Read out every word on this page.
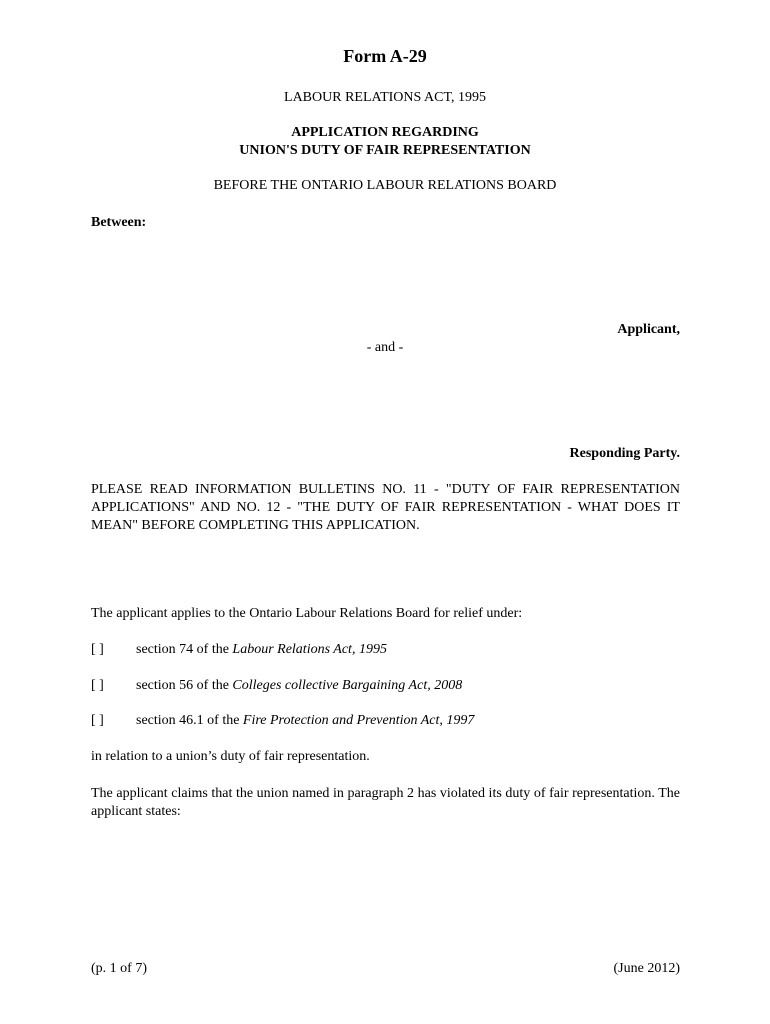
Form A-29
LABOUR RELATIONS ACT, 1995
APPLICATION REGARDING
UNION'S DUTY OF FAIR REPRESENTATION
BEFORE THE ONTARIO LABOUR RELATIONS BOARD
Between:
Applicant,
- and -
Responding Party.

PLEASE READ INFORMATION BULLETINS NO. 11 - "DUTY OF FAIR REPRESENTATION APPLICATIONS" AND NO. 12 - "THE DUTY OF FAIR REPRESENTATION - WHAT DOES IT MEAN" BEFORE COMPLETING THIS APPLICATION.

The applicant applies to the Ontario Labour Relations Board for relief under:
[ ] section 74 of the Labour Relations Act, 1995
[ ] section 56 of the Colleges collective Bargaining Act, 2008
[ ] section 46.1 of the Fire Protection and Prevention Act, 1997
in relation to a union’s duty of fair representation.

The applicant claims that the union named in paragraph 2 has violated its duty of fair representation. The applicant states:

(p. 1 of 7)	(June 2012)
